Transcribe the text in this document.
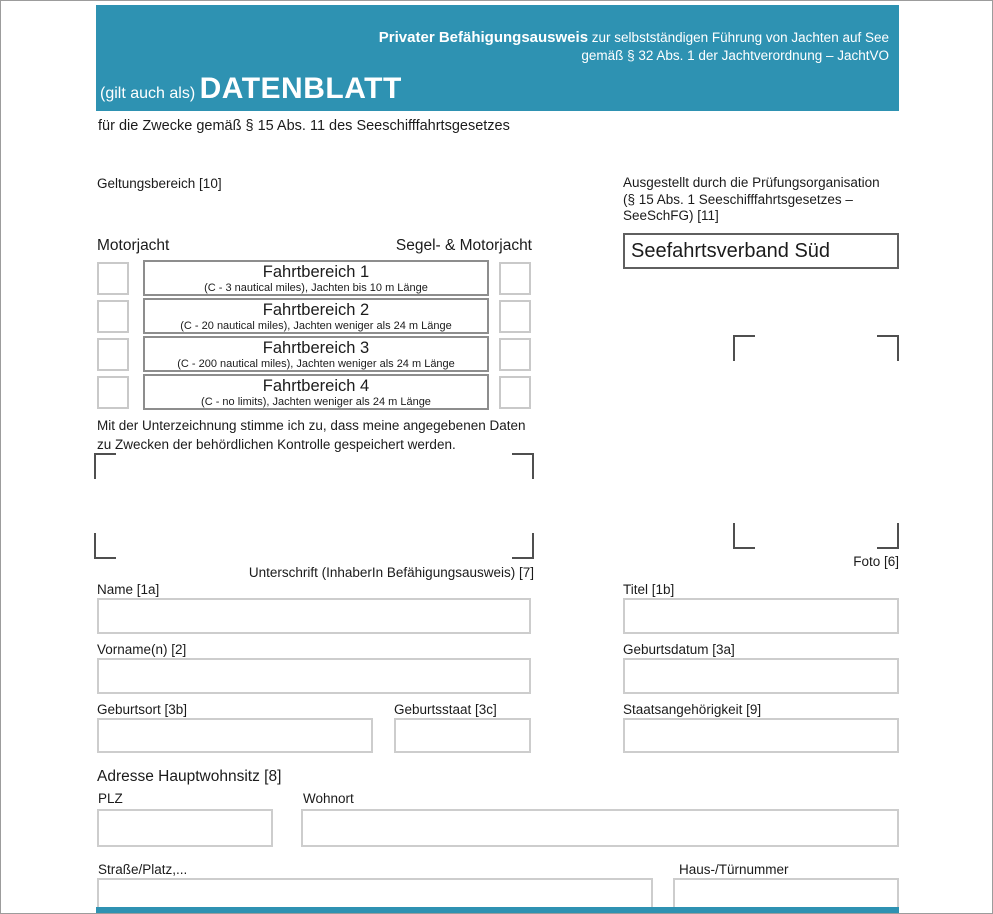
Privater Befähigungsausweis zur selbstständigen Führung von Jachten auf See
gemäß § 32 Abs. 1 der Jachtverordnung – JachtVO
(gilt auch als) DATENBLATT
für die Zwecke gemäß § 15 Abs. 11 des Seeschifffahrtsgesetzes
Geltungsbereich [10]	Ausgestellt durch die Prüfungsorganisation
(§ 15 Abs. 1 Seeschifffahrtsgesetzes –
SeeSchFG) [11]
Seefahrtsverband Süd
Motorjacht	Segel- & Motorjacht
Fahrtbereich 1
(C - 3 nautical miles), Jachten bis 10 m Länge
Fahrtbereich 2
(C - 20 nautical miles), Jachten weniger als 24 m Länge
Fahrtbereich 3
(C - 200 nautical miles), Jachten weniger als 24 m Länge
Fahrtbereich 4
(C - no limits), Jachten weniger als 24 m Länge
Mit der Unterzeichnung stimme ich zu, dass meine angegebenen Daten
zu Zwecken der behördlichen Kontrolle gespeichert werden.
Unterschrift (InhaberIn Befähigungsausweis) [7]
Foto [6]
Name [1a]	Titel [1b]
Vorname(n) [2]	Geburtsdatum [3a]
Geburtsort [3b]	Geburtsstaat [3c]	Staatsangehörigkeit [9]
Adresse Hauptwohnsitz [8]
PLZ	Wohnort
Straße/Platz,...	Haus-/Türnummer
